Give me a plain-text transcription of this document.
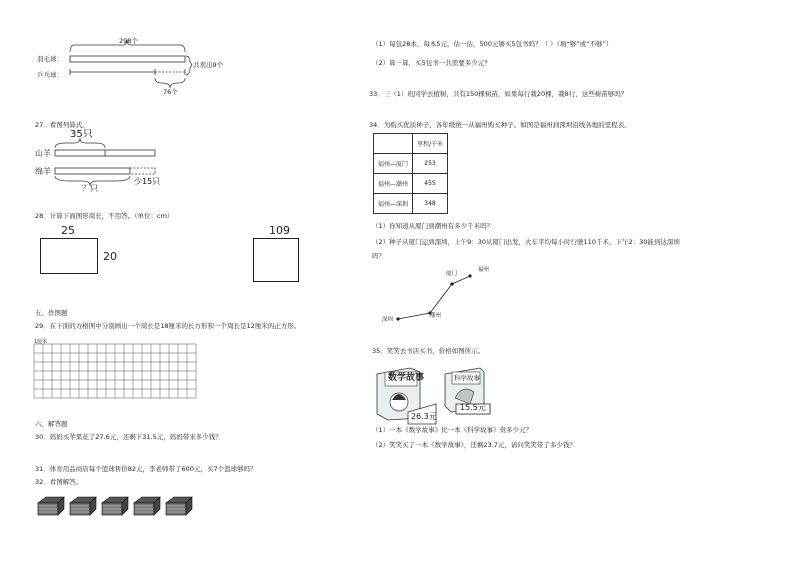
298个
羽毛球：
乒乓球：
共卖出9个
76个
27．看图列算式。
35只
山羊
绵羊
？只
少15只
28．计算下面图形周长，不用答。（单位：cm）
25
20
109
五、作图题
29．在下面的方格图中分别画出一个周长是18厘米的长方形和一个周长是12厘米的正方形。
1厘米
六、解答题
30．妈妈买苹果花了27.6元，还剩下31.5元，妈妈带来多少钱？
31．体育用品商店每个篮球售价82元，李老师带了600元，买7个篮球够吗？
32．看图解答。
（1）每包28本，每本5元，估一估，500元够买5包书吗？（ ）（填“够”或“不够”）
（2）算一算，买5包书一共需要多少元？
33．三（1）班同学去植树，共有150棵树苗，如果每行栽20棵，栽8行，这些树苗够吗？
34．为购买优质种子，各年级统一从福州购买种子。如图是福州到深圳沿线各地的里程表。
	里程/千米
福州—厦门	253
福州—潮州	455
福州—深圳	348
（1）你知道从厦门到潮州有多少千米吗？
（2）种子从厦门运到深圳，上午9：30从厦门出发，火车平均每小时行驶110千米，下午2：30能到达深圳
吗？
厦门
福州
潮州
深圳
35．笑笑去书店买书，价格如图所示。
数学故事	科学故事
26.3元
15.5元
（1）一本《数学故事》比一本《科学故事》贵多少元？
（2）笑笑买了一本《数学故事》，还剩23.7元，请问笑笑带了多少钱？
